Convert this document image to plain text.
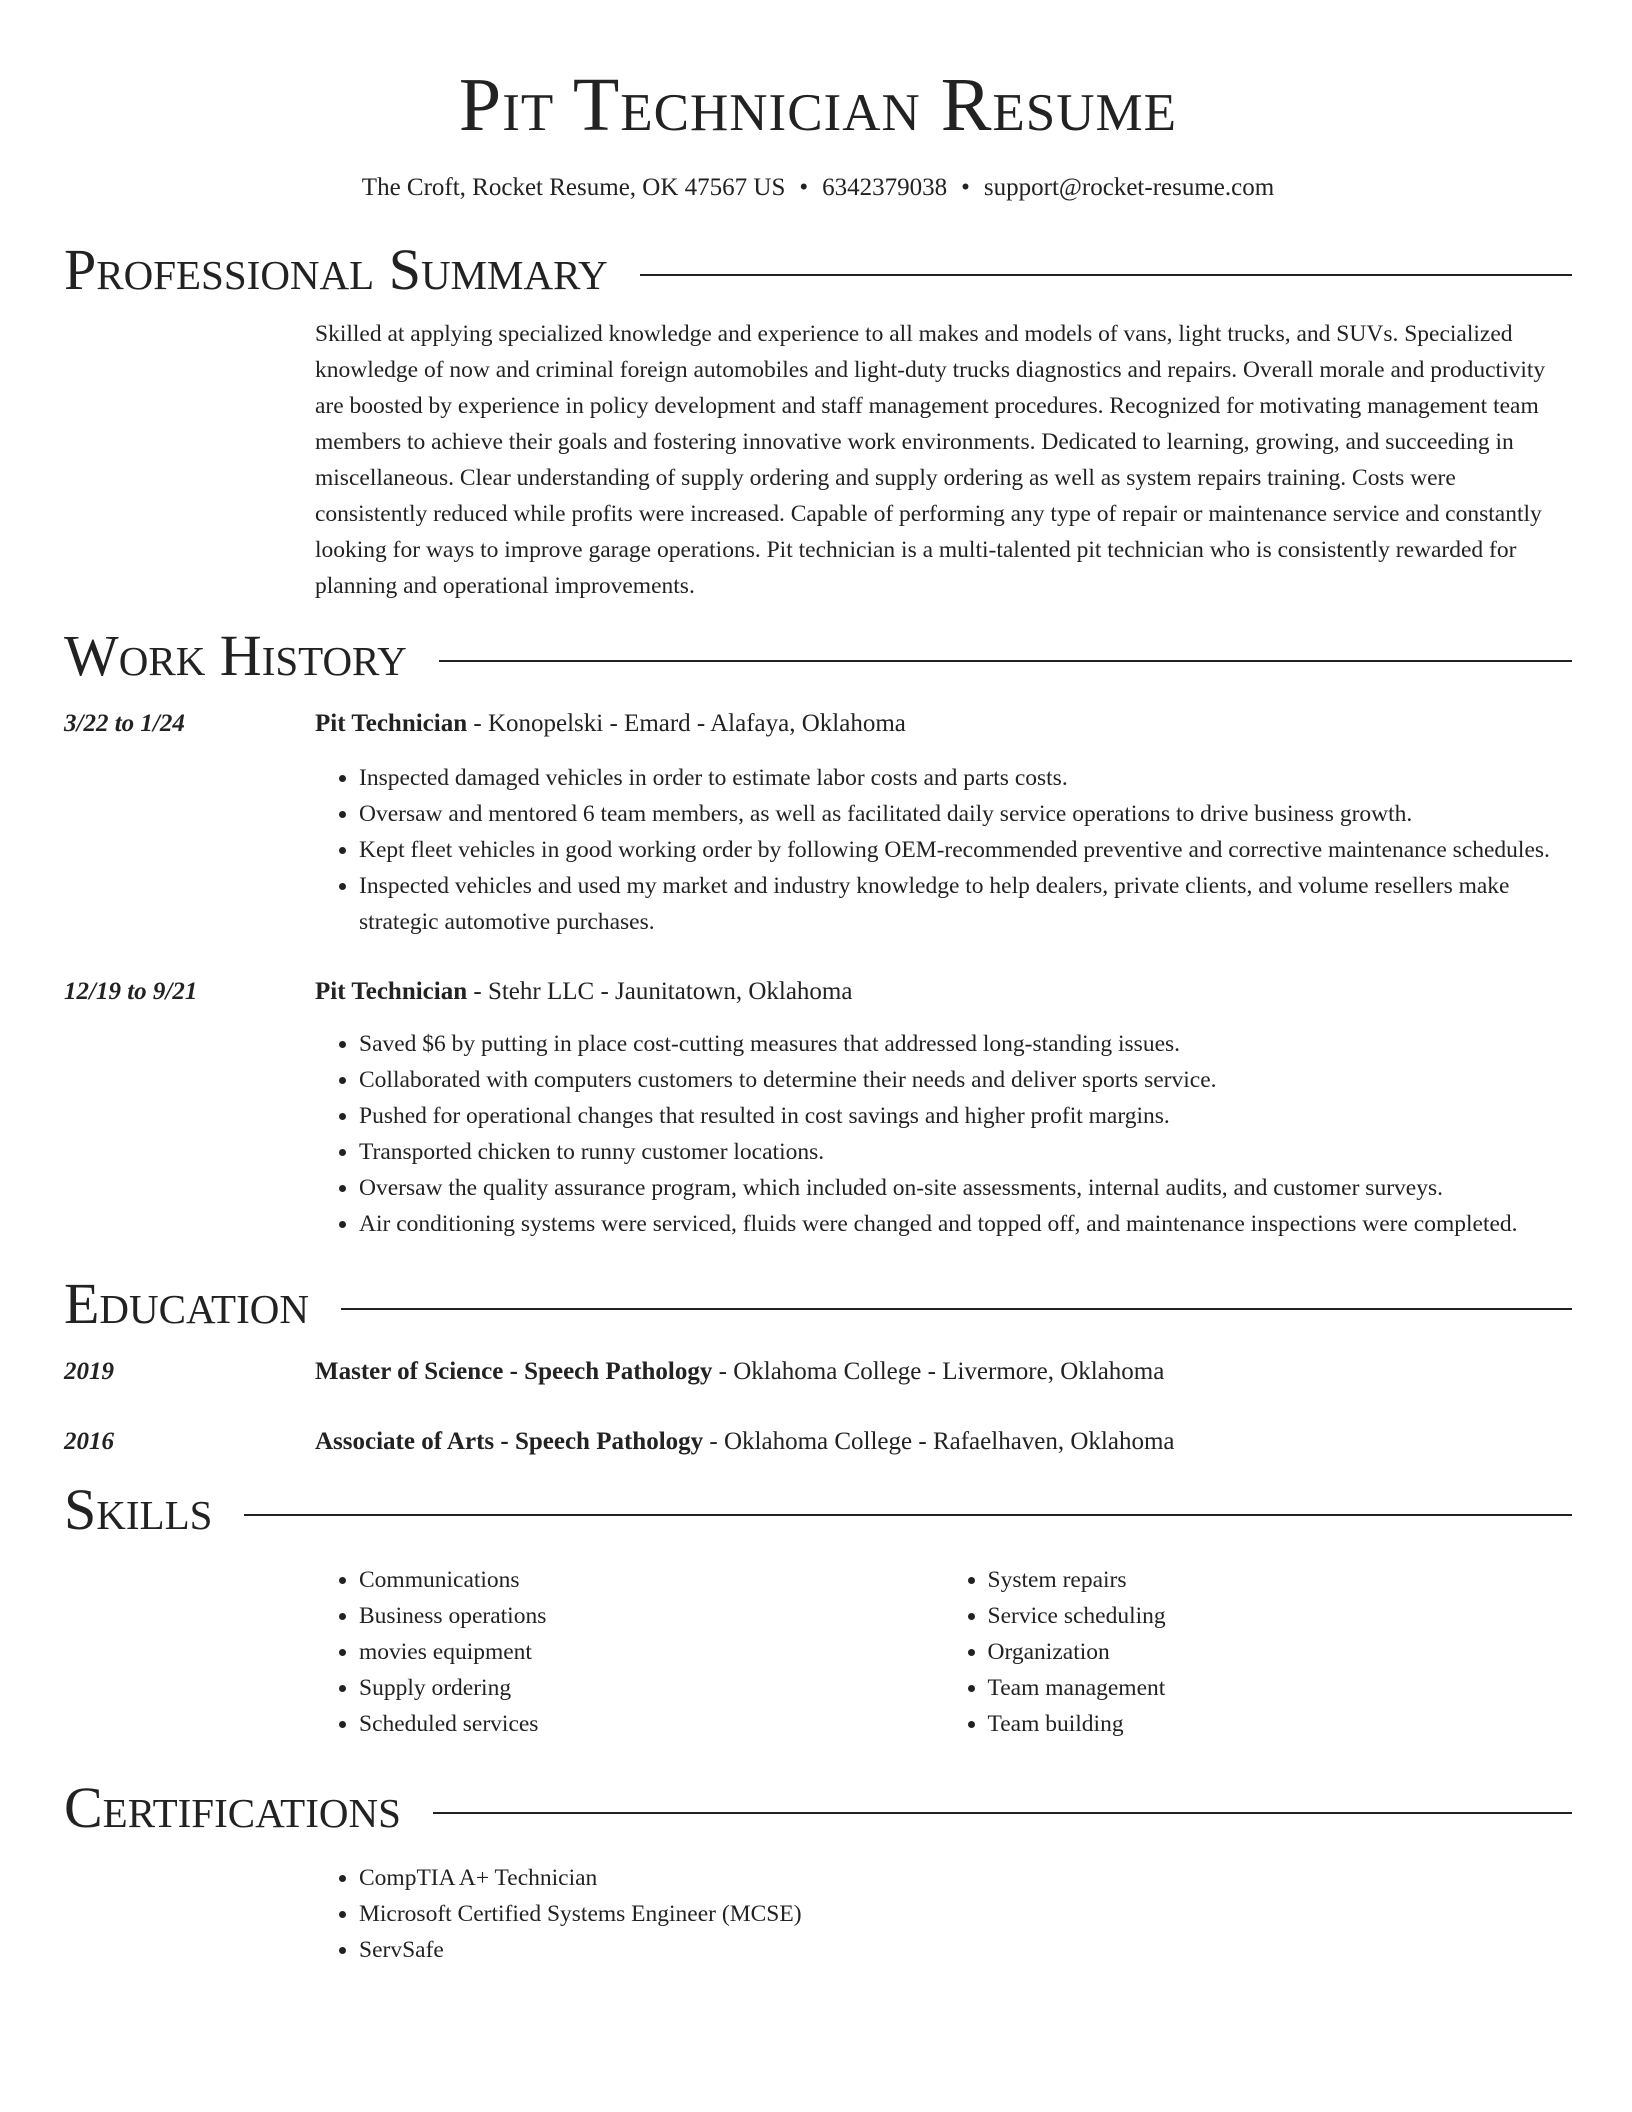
Pit Technician Resume
The Croft, Rocket Resume, OK 47567 US • 6342379038 • support@rocket-resume.com
Professional Summary

Skilled at applying specialized knowledge and experience to all makes and models of vans, light trucks, and SUVs. Specialized knowledge of now and criminal foreign automobiles and light-duty trucks diagnostics and repairs. Overall morale and productivity are boosted by experience in policy development and staff management procedures. Recognized for motivating management team members to achieve their goals and fostering innovative work environments. Dedicated to learning, growing, and succeeding in miscellaneous. Clear understanding of supply ordering and supply ordering as well as system repairs training. Costs were consistently reduced while profits were increased. Capable of performing any type of repair or maintenance service and constantly looking for ways to improve garage operations. Pit technician is a multi-talented pit technician who is consistently rewarded for planning and operational improvements.

Work History
3/22 to 1/24	Pit Technician - Konopelski - Emard - Alafaya, Oklahoma
• Inspected damaged vehicles in order to estimate labor costs and parts costs.
• Oversaw and mentored 6 team members, as well as facilitated daily service operations to drive business growth.
• Kept fleet vehicles in good working order by following OEM-recommended preventive and corrective maintenance schedules.
• Inspected vehicles and used my market and industry knowledge to help dealers, private clients, and volume resellers make strategic automotive purchases.
12/19 to 9/21	Pit Technician - Stehr LLC - Jaunitatown, Oklahoma
• Saved $6 by putting in place cost-cutting measures that addressed long-standing issues.
• Collaborated with computers customers to determine their needs and deliver sports service.
• Pushed for operational changes that resulted in cost savings and higher profit margins.
• Transported chicken to runny customer locations.
• Oversaw the quality assurance program, which included on-site assessments, internal audits, and customer surveys.
• Air conditioning systems were serviced, fluids were changed and topped off, and maintenance inspections were completed.
Education
2019	Master of Science - Speech Pathology - Oklahoma College - Livermore, Oklahoma
2016	Associate of Arts - Speech Pathology - Oklahoma College - Rafaelhaven, Oklahoma
Skills
• Communications
• Business operations
• movies equipment
• Supply ordering
• Scheduled services
• System repairs
• Service scheduling
• Organization
• Team management
• Team building
Certifications
• CompTIA A+ Technician
• Microsoft Certified Systems Engineer (MCSE)
• ServSafe
